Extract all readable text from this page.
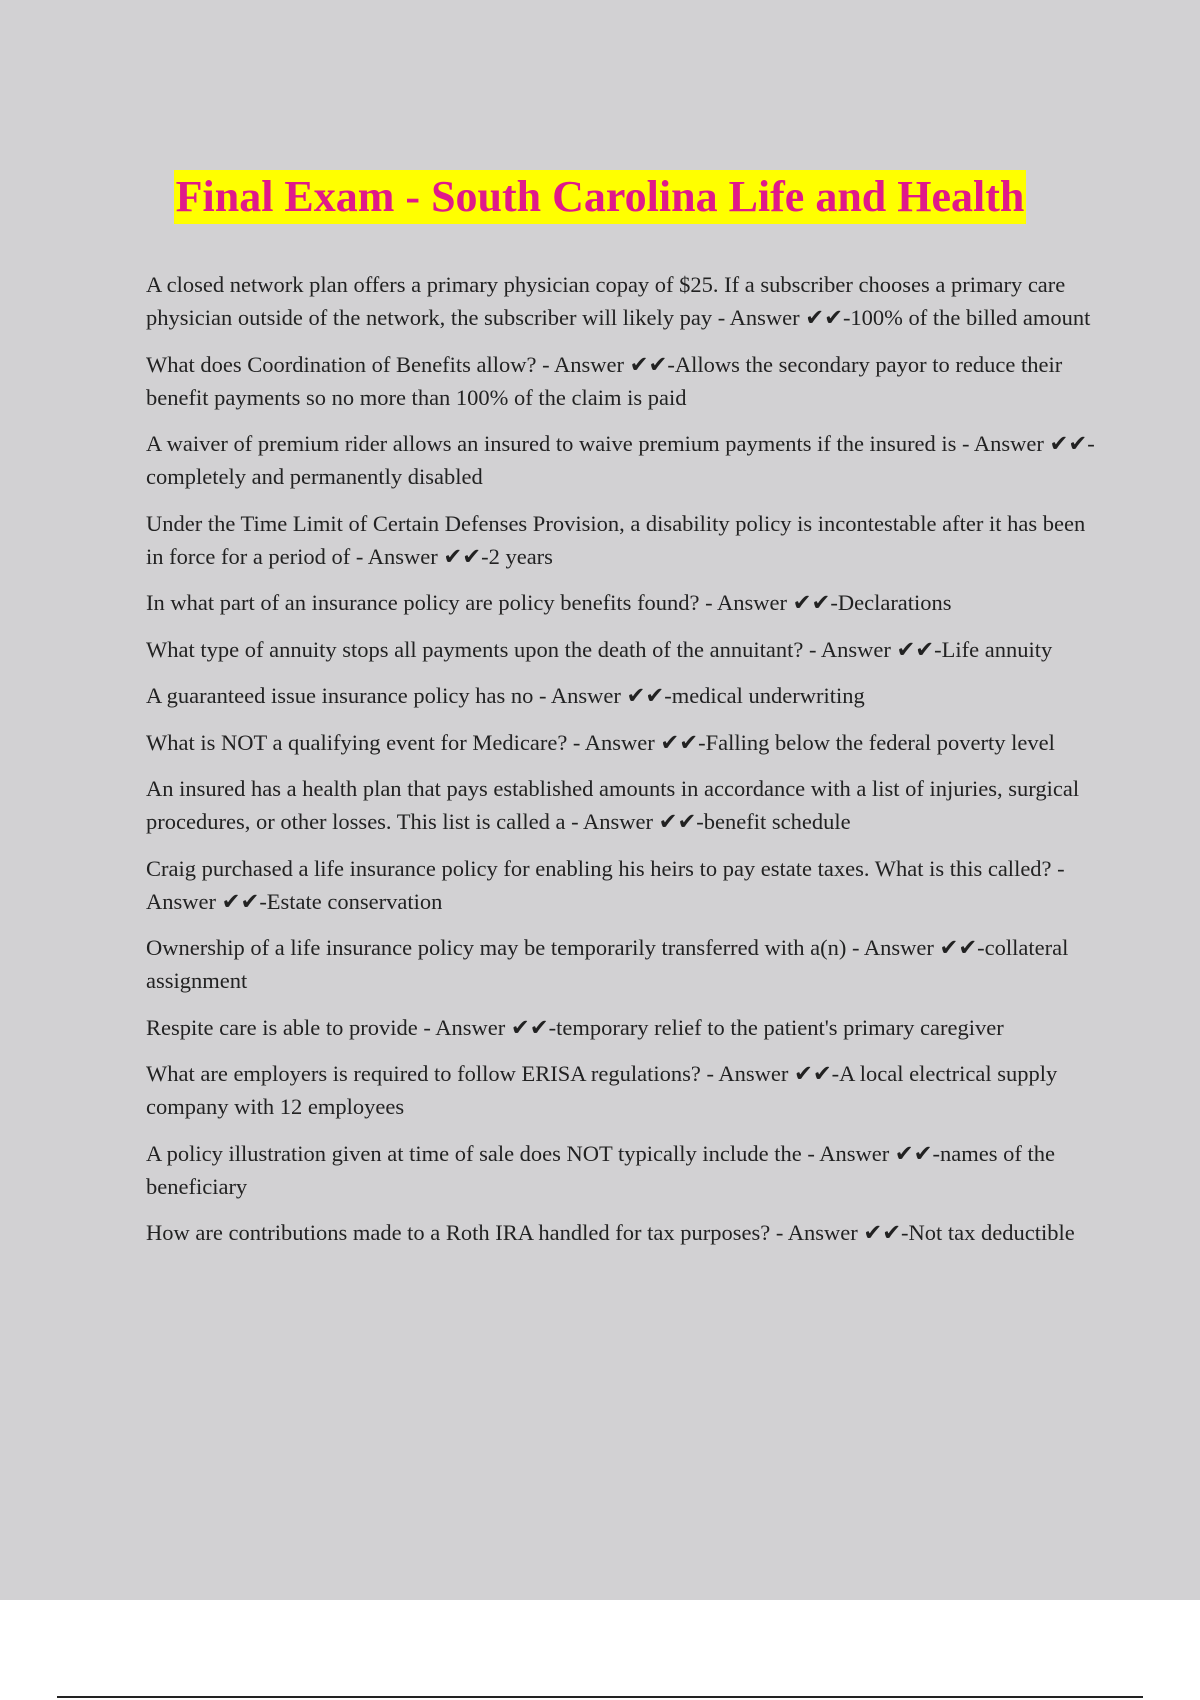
Final Exam - South Carolina Life and Health

A closed network plan offers a primary physician copay of $25. If a subscriber chooses a primary care physician outside of the network, the subscriber will likely pay - Answer ✔✔-100% of the billed amount

What does Coordination of Benefits allow? - Answer ✔✔-Allows the secondary payor to reduce their benefit payments so no more than 100% of the claim is paid

A waiver of premium rider allows an insured to waive premium payments if the insured is - Answer ✔✔-completely and permanently disabled

Under the Time Limit of Certain Defenses Provision, a disability policy is incontestable after it has been in force for a period of - Answer ✔✔-2 years

In what part of an insurance policy are policy benefits found? - Answer ✔✔-Declarations

What type of annuity stops all payments upon the death of the annuitant? - Answer ✔✔-Life annuity

A guaranteed issue insurance policy has no - Answer ✔✔-medical underwriting

What is NOT a qualifying event for Medicare? - Answer ✔✔-Falling below the federal poverty level

An insured has a health plan that pays established amounts in accordance with a list of injuries, surgical procedures, or other losses. This list is called a - Answer ✔✔-benefit schedule

Craig purchased a life insurance policy for enabling his heirs to pay estate taxes. What is this called? - Answer ✔✔-Estate conservation

Ownership of a life insurance policy may be temporarily transferred with a(n) - Answer ✔✔-collateral assignment

Respite care is able to provide - Answer ✔✔-temporary relief to the patient's primary caregiver

What are employers is required to follow ERISA regulations? - Answer ✔✔-A local electrical supply company with 12 employees

A policy illustration given at time of sale does NOT typically include the - Answer ✔✔-names of the beneficiary

How are contributions made to a Roth IRA handled for tax purposes? - Answer ✔✔-Not tax deductible
